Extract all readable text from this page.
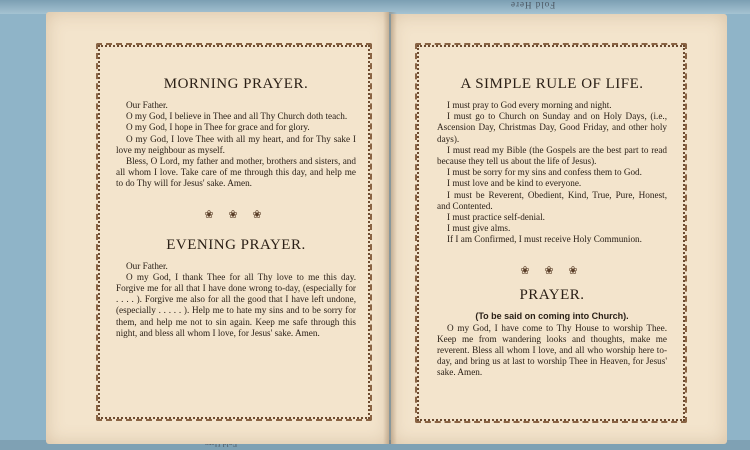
Fold Here
MORNING PRAYER.

Our Father.

O my God, I believe in Thee and all Thy Church doth teach.

O my God, I hope in Thee for grace and for glory.

O my God, I love Thee with all my heart, and for Thy sake I love my neighbour as myself.

Bless, O Lord, my father and mother, brothers and sisters, and all whom I love. Take care of me through this day, and help me to do Thy will for Jesus' sake. Amen.

❀ ❀ ❀
EVENING PRAYER.

Our Father.

O my God, I thank Thee for all Thy love to me this day. Forgive me for all that I have done wrong to-day, (especially for . . . . ). Forgive me also for all the good that I have left undone, (especially . . . . . ). Help me to hate my sins and to be sorry for them, and help me not to sin again. Keep me safe through this night, and bless all whom I love, for Jesus' sake. Amen.

A SIMPLE RULE OF LIFE.

I must pray to God every morning and night.

I must go to Church on Sunday and on Holy Days, (i.e., Ascension Day, Christmas Day, Good Friday, and other holy days).

I must read my Bible (the Gospels are the best part to read because they tell us about the life of Jesus).

I must be sorry for my sins and confess them to God.

I must love and be kind to everyone.

I must be Reverent, Obedient, Kind, True, Pure, Honest, and Contented.

I must practice self-denial.

I must give alms.

If I am Confirmed, I must receive Holy Communion.

❀ ❀ ❀
PRAYER.
(To be said on coming into Church).

O my God, I have come to Thy House to worship Thee. Keep me from wandering looks and thoughts, make me reverent. Bless all whom I love, and all who worship here to-day, and bring us at last to worship Thee in Heaven, for Jesus' sake. Amen.
